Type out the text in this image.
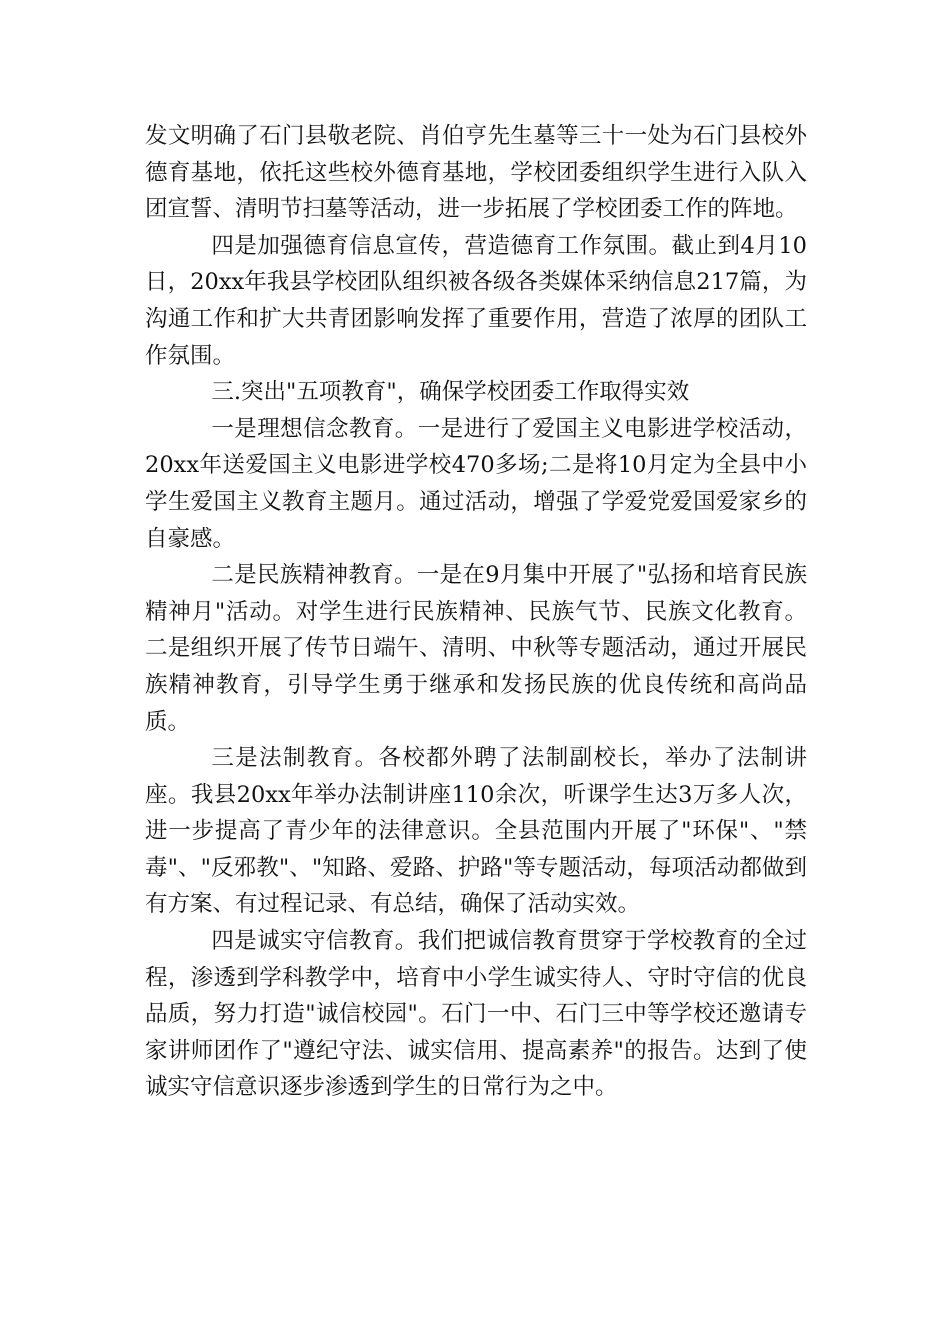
发文明确了石门县敬老院、肖伯亨先生墓等三十一处为石门县校外德育基地，依托这些校外德育基地，学校团委组织学生进行入队入团宣誓、清明节扫墓等活动，进一步拓展了学校团委工作的阵地。

四是加强德育信息宣传，营造德育工作氛围。截止到4月10日，20xx年我县学校团队组织被各级各类媒体采纳信息217篇，为沟通工作和扩大共青团影响发挥了重要作用，营造了浓厚的团队工作氛围。

三.突出"五项教育"，确保学校团委工作取得实效

一是理想信念教育。一是进行了爱国主义电影进学校活动，20xx年送爱国主义电影进学校470多场;二是将10月定为全县中小学生爱国主义教育主题月。通过活动，增强了学爱党爱国爱家乡的自豪感。

二是民族精神教育。一是在9月集中开展了"弘扬和培育民族精神月"活动。对学生进行民族精神、民族气节、民族文化教育。二是组织开展了传节日端午、清明、中秋等专题活动，通过开展民族精神教育，引导学生勇于继承和发扬民族的优良传统和高尚品质。

三是法制教育。各校都外聘了法制副校长，举办了法制讲座。我县20xx年举办法制讲座110余次，听课学生达3万多人次，进一步提高了青少年的法律意识。全县范围内开展了"环保"、"禁毒"、"反邪教"、"知路、爱路、护路"等专题活动，每项活动都做到有方案、有过程记录、有总结，确保了活动实效。

四是诚实守信教育。我们把诚信教育贯穿于学校教育的全过程，渗透到学科教学中，培育中小学生诚实待人、守时守信的优良品质，努力打造"诚信校园"。石门一中、石门三中等学校还邀请专家讲师团作了"遵纪守法、诚实信用、提高素养"的报告。达到了使诚实守信意识逐步渗透到学生的日常行为之中。
